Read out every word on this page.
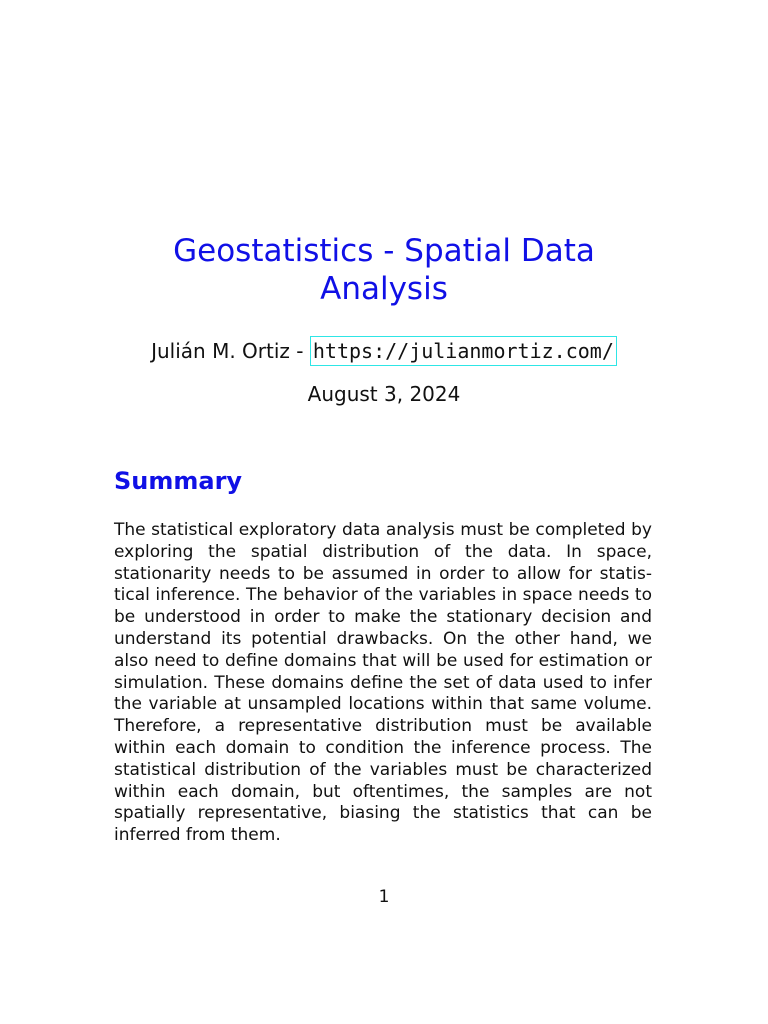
Geostatistics - Spatial Data
Analysis
Julián M. Ortiz - https://julianmortiz.com/
August 3, 2024
Summary

The statistical exploratory data analysis must be completed by exploring the spatial distribution of the data. In space, stationarity needs to be assumed in order to allow for statistical inference. The behavior of the variables in space needs to be understood in order to make the stationary decision and understand its potential drawbacks. On the other hand, we also need to define domains that will be used for estimation or simulation. These domains define the set of data used to infer the variable at unsampled locations within that same volume. Therefore, a representative distribution must be available within each domain to condition the inference process. The statistical distribution of the variables must be characterized within each domain, but oftentimes, the samples are not spatially representative, biasing the statistics that can be inferred from them.

1
